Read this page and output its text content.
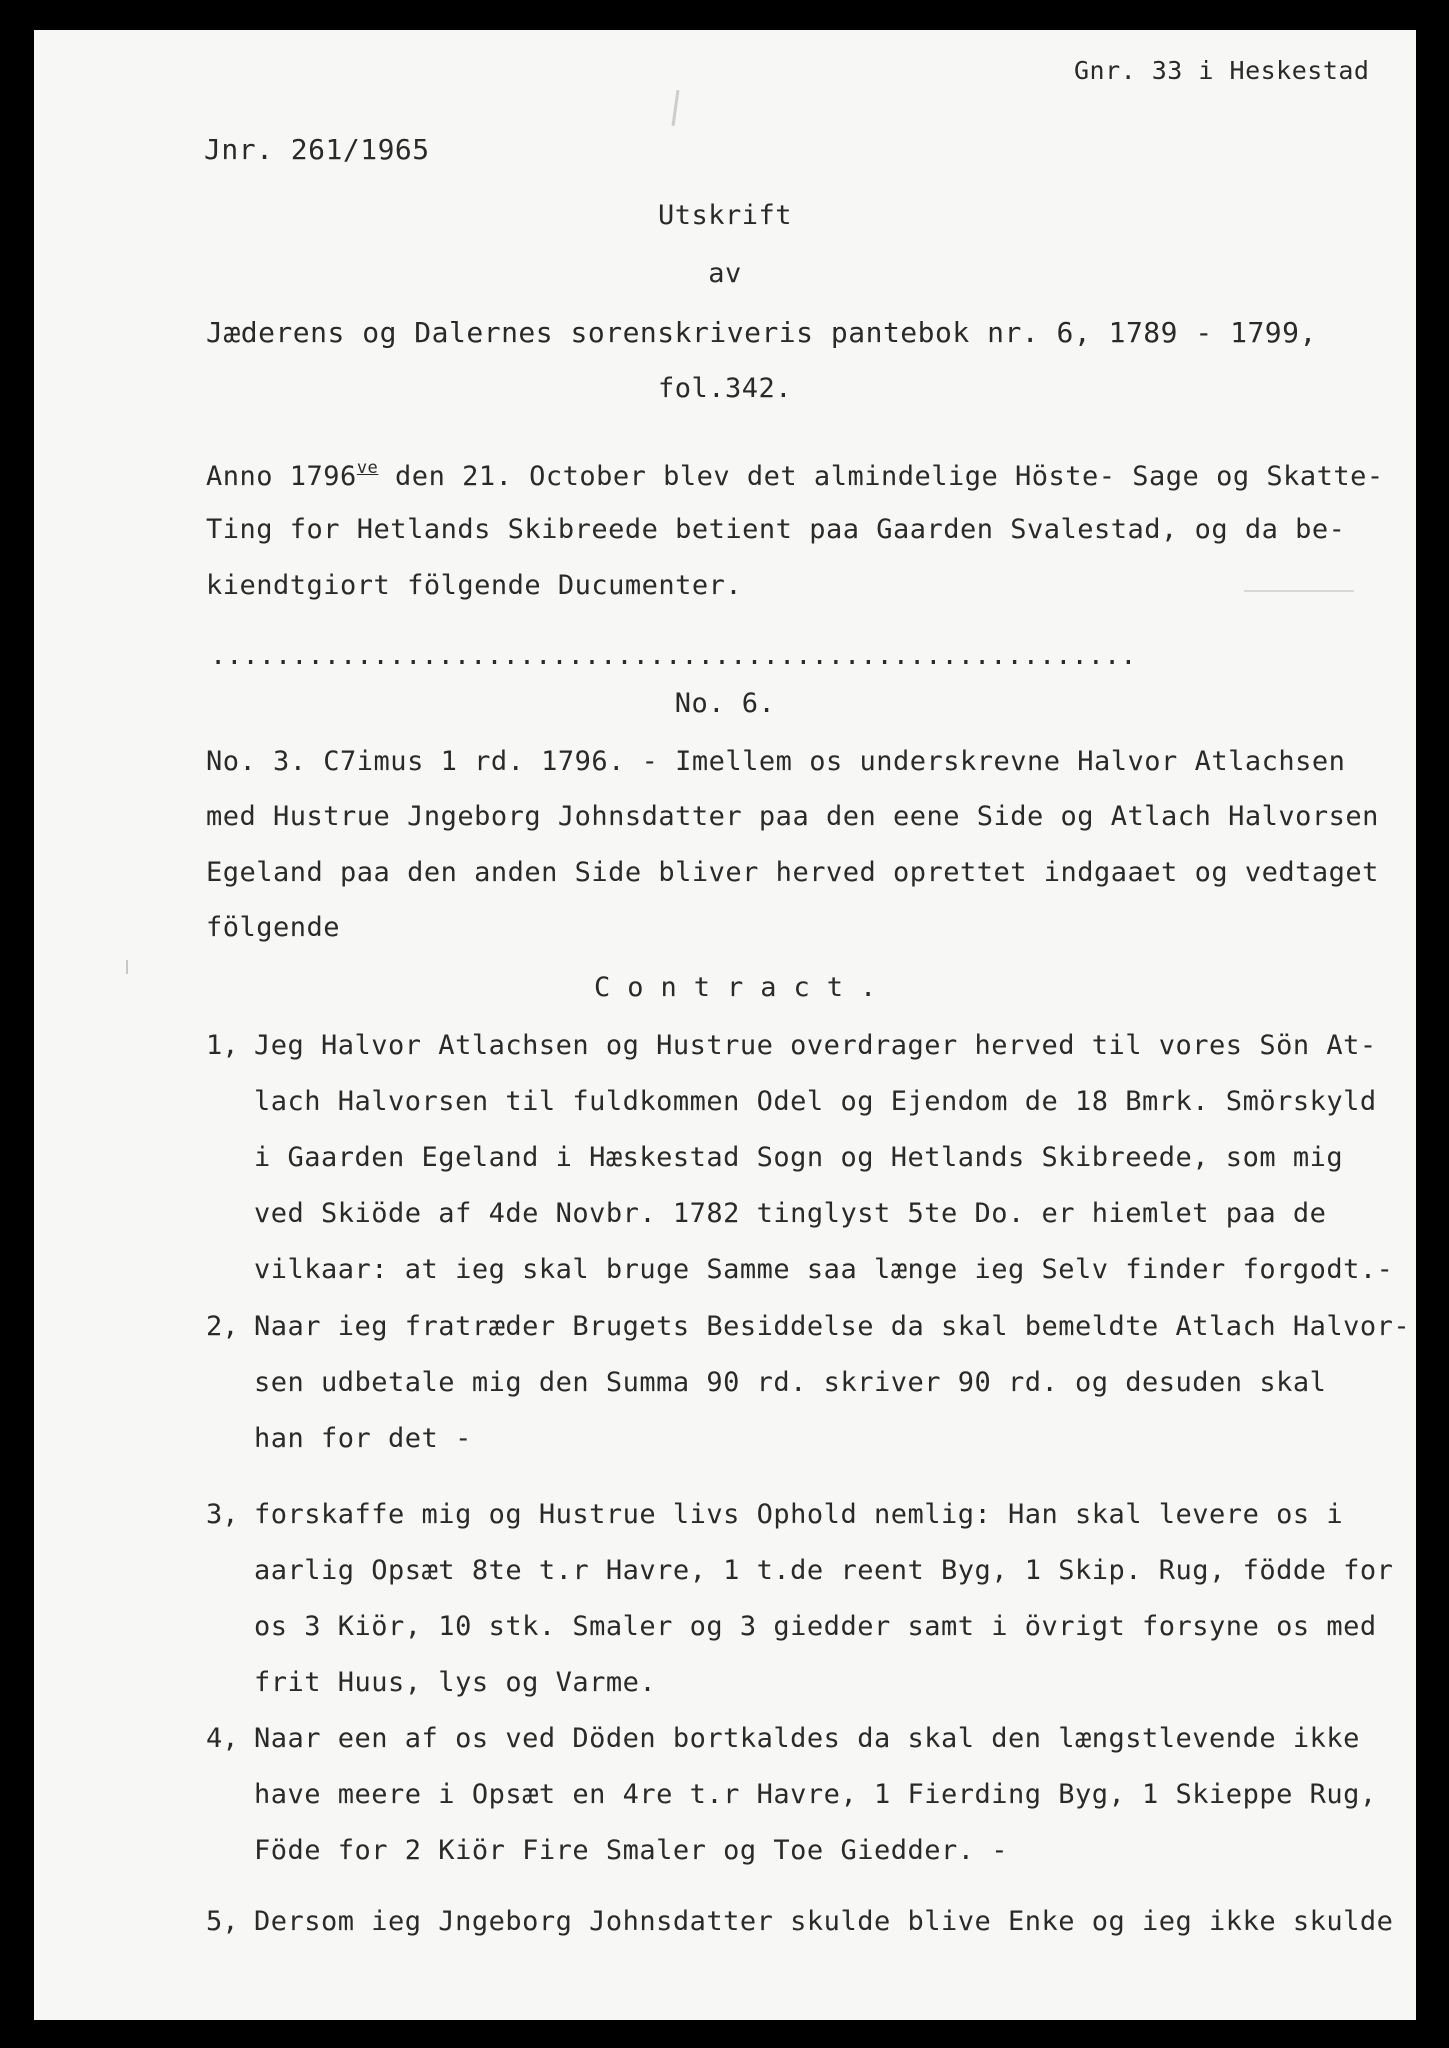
Gnr. 33 i Heskestad
Jnr. 261/1965
Utskrift
av
Jæderens og Dalernes sorenskriveris pantebok nr. 6, 1789 - 1799,
fol.342.
Anno $1796^{ve}$ den 21. October blev det almindelige Höste- Sage og Skatte-
Ting for Hetlands Skibreede betient paa Gaarden Svalestad, og da be-
kiendtgiort fölgende Ducumenter.
.........................................................
No. 6.
No. 3. C7imus 1 rd. 1796. - Imellem os underskrevne Halvor Atlachsen
med Hustrue Jngeborg Johnsdatter paa den eene Side og Atlach Halvorsen
Egeland paa den anden Side bliver herved oprettet indgaaet og vedtaget
fölgende
Contract.
1, Jeg Halvor Atlachsen og Hustrue overdrager herved til vores Sön At-
lach Halvorsen til fuldkommen Odel og Ejendom de 18 Bmrk. Smörskyld
i Gaarden Egeland i Hæskestad Sogn og Hetlands Skibreede, som mig
ved Skiöde af 4de Novbr. 1782 tinglyst 5te Do. er hiemlet paa de
vilkaar: at ieg skal bruge Samme saa længe ieg Selv finder forgodt.-
2, Naar ieg fratræder Brugets Besiddelse da skal bemeldte Atlach Halvor-
sen udbetale mig den Summa 90 rd. skriver 90 rd. og desuden skal
han for det -
3, forskaffe mig og Hustrue livs Ophold nemlig: Han skal levere os i
aarlig Opsæt 8te t.r Havre, 1 t.de reent Byg, 1 Skip. Rug, födde for
os 3 Kiör, 10 stk. Smaler og 3 giedder samt i övrigt forsyne os med
frit Huus, lys og Varme.
4, Naar een af os ved Döden bortkaldes da skal den længstlevende ikke
have meere i Opsæt en 4re t.r Havre, 1 Fierding Byg, 1 Skieppe Rug,
Föde for 2 Kiör Fire Smaler og Toe Giedder. -
5, Dersom ieg Jngeborg Johnsdatter skulde blive Enke og ieg ikke skulde
